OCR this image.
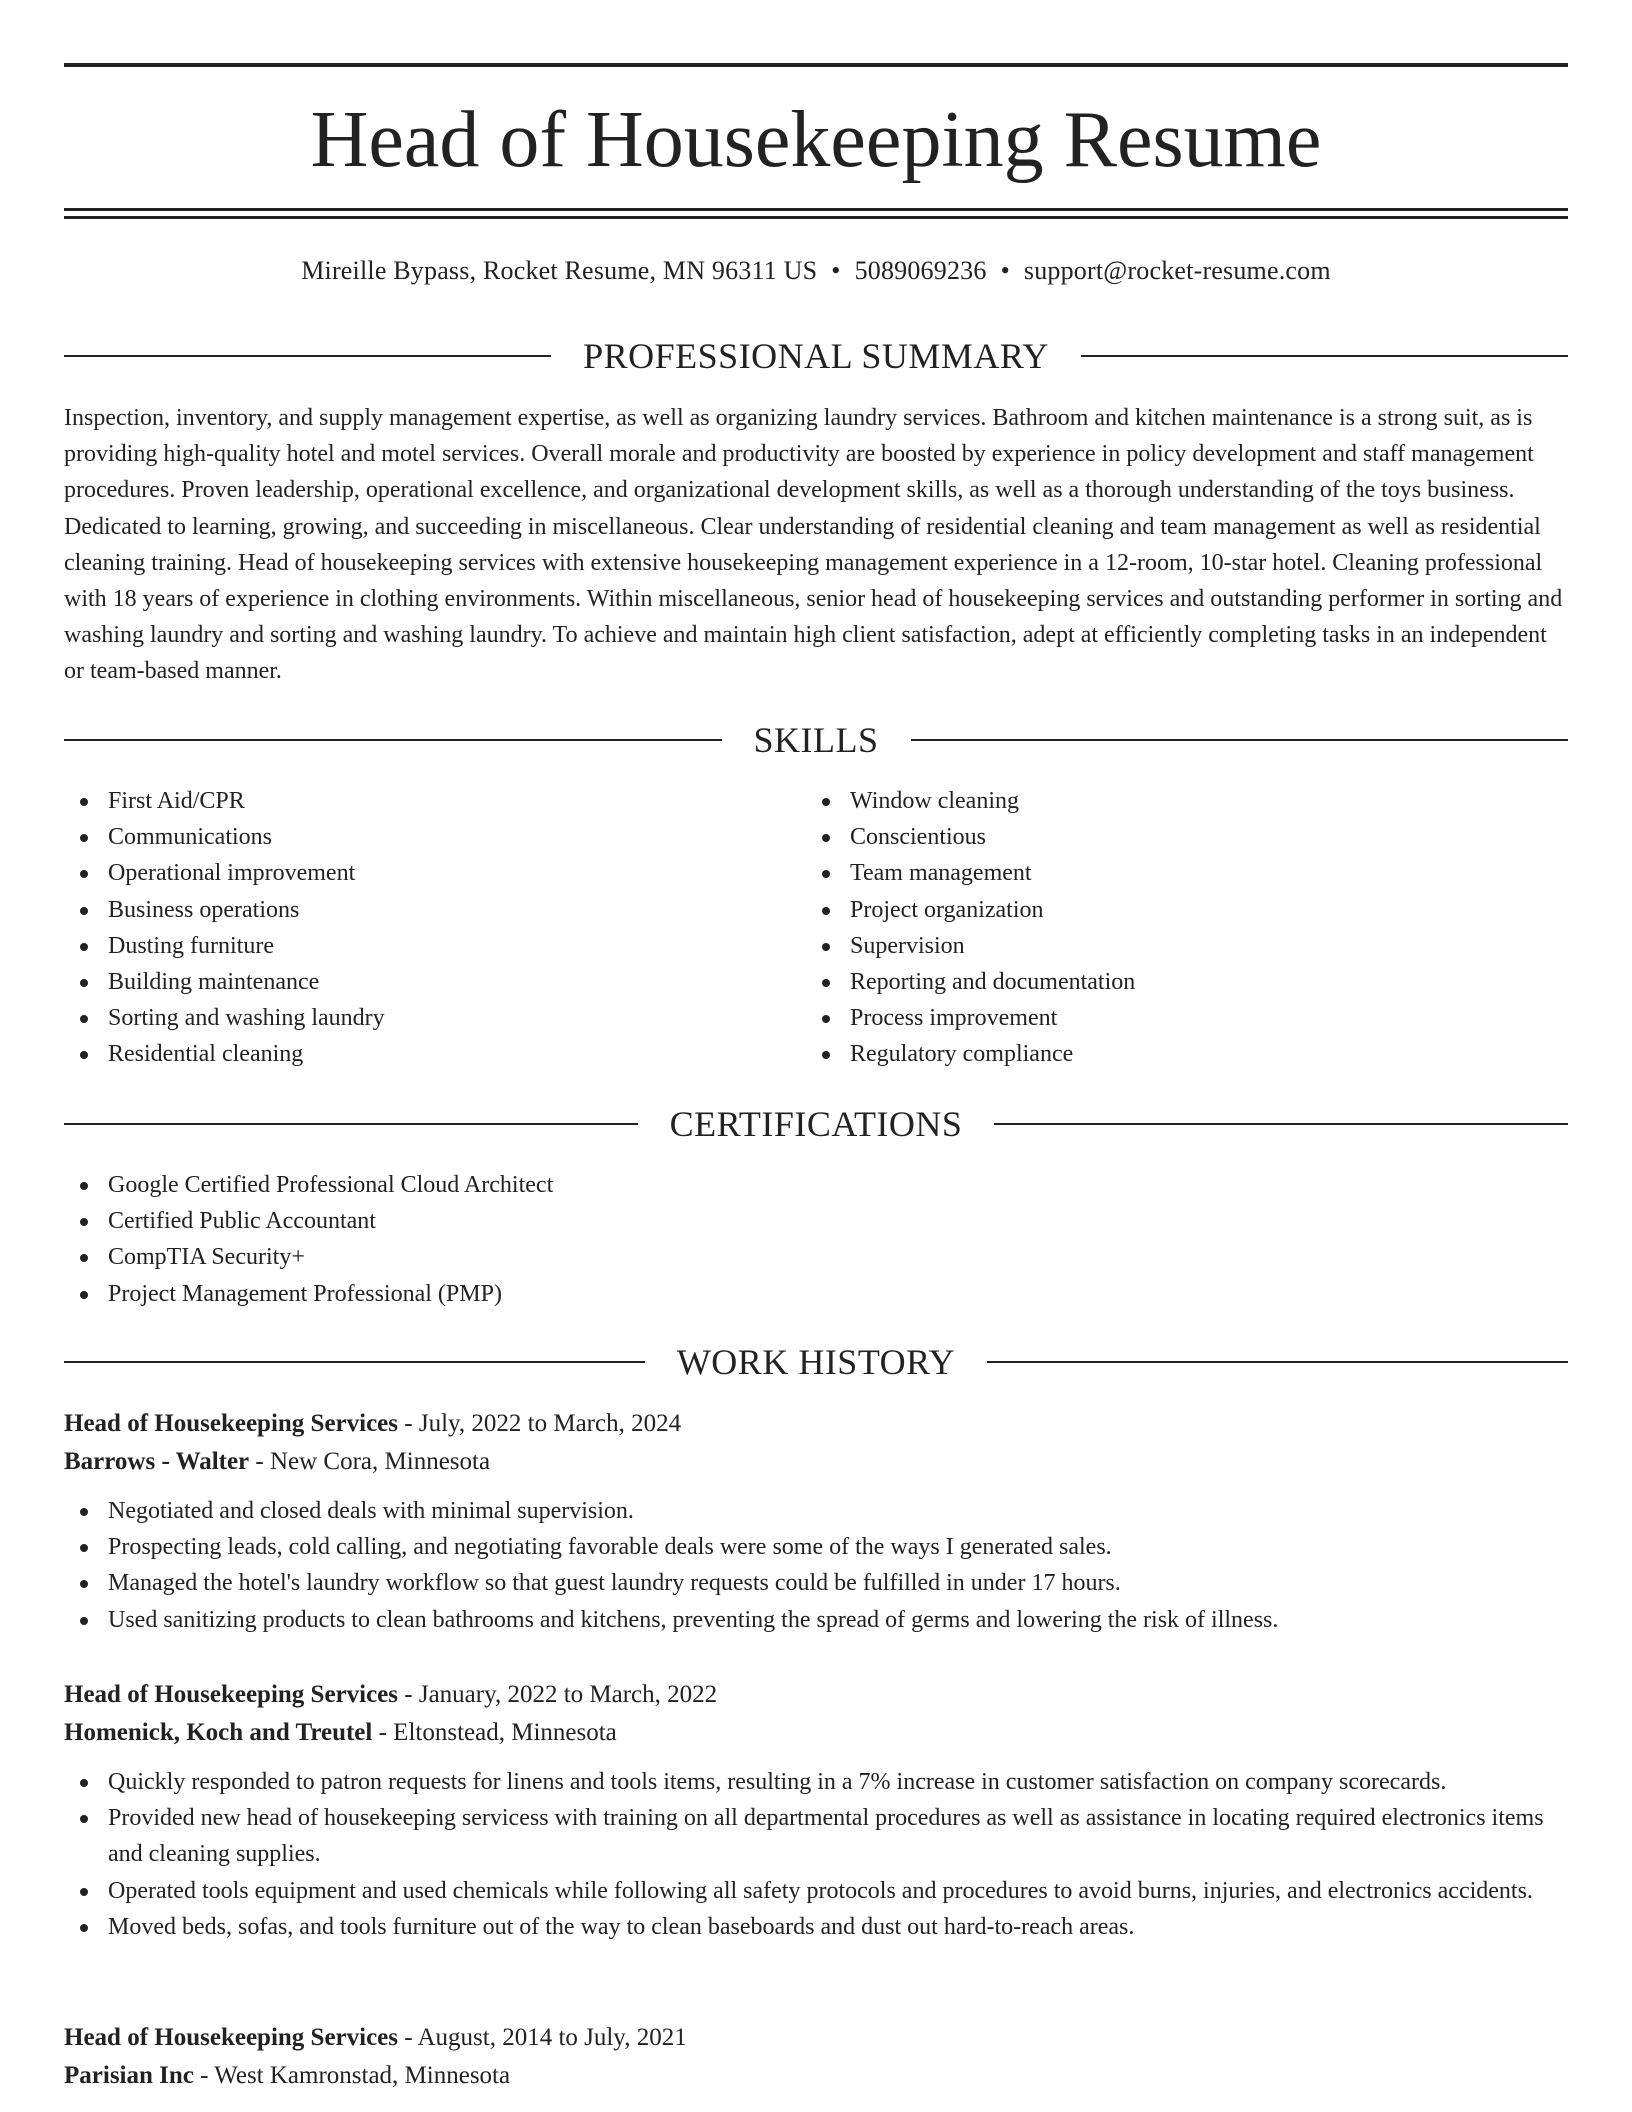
Head of Housekeeping Resume
Mireille Bypass, Rocket Resume, MN 96311 US • 5089069236 • support@rocket-resume.com
PROFESSIONAL SUMMARY

Inspection, inventory, and supply management expertise, as well as organizing laundry services. Bathroom and kitchen maintenance is a strong suit, as is providing high-quality hotel and motel services. Overall morale and productivity are boosted by experience in policy development and staff management procedures. Proven leadership, operational excellence, and organizational development skills, as well as a thorough understanding of the toys business. Dedicated to learning, growing, and succeeding in miscellaneous. Clear understanding of residential cleaning and team management as well as residential cleaning training. Head of housekeeping services with extensive housekeeping management experience in a 12-room, 10-star hotel. Cleaning professional with 18 years of experience in clothing environments. Within miscellaneous, senior head of housekeeping services and outstanding performer in sorting and washing laundry and sorting and washing laundry. To achieve and maintain high client satisfaction, adept at efficiently completing tasks in an independent or team-based manner.

SKILLS
First Aid/CPR
Communications
Operational improvement
Business operations
Dusting furniture
Building maintenance
Sorting and washing laundry
Residential cleaning
Window cleaning
Conscientious
Team management
Project organization
Supervision
Reporting and documentation
Process improvement
Regulatory compliance
CERTIFICATIONS
Google Certified Professional Cloud Architect
Certified Public Accountant
CompTIA Security+
Project Management Professional (PMP)
WORK HISTORY
Head of Housekeeping Services - July, 2022 to March, 2024
Barrows - Walter - New Cora, Minnesota
Negotiated and closed deals with minimal supervision.
Prospecting leads, cold calling, and negotiating favorable deals were some of the ways I generated sales.
Managed the hotel's laundry workflow so that guest laundry requests could be fulfilled in under 17 hours.
Used sanitizing products to clean bathrooms and kitchens, preventing the spread of germs and lowering the risk of illness.
Head of Housekeeping Services - January, 2022 to March, 2022
Homenick, Koch and Treutel - Eltonstead, Minnesota
Quickly responded to patron requests for linens and tools items, resulting in a 7% increase in customer satisfaction on company scorecards.
Provided new head of housekeeping servicess with training on all departmental procedures as well as assistance in locating required electronics items and cleaning supplies.
Operated tools equipment and used chemicals while following all safety protocols and procedures to avoid burns, injuries, and electronics accidents.
Moved beds, sofas, and tools furniture out of the way to clean baseboards and dust out hard-to-reach areas.
Head of Housekeeping Services - August, 2014 to July, 2021
Parisian Inc - West Kamronstad, Minnesota
